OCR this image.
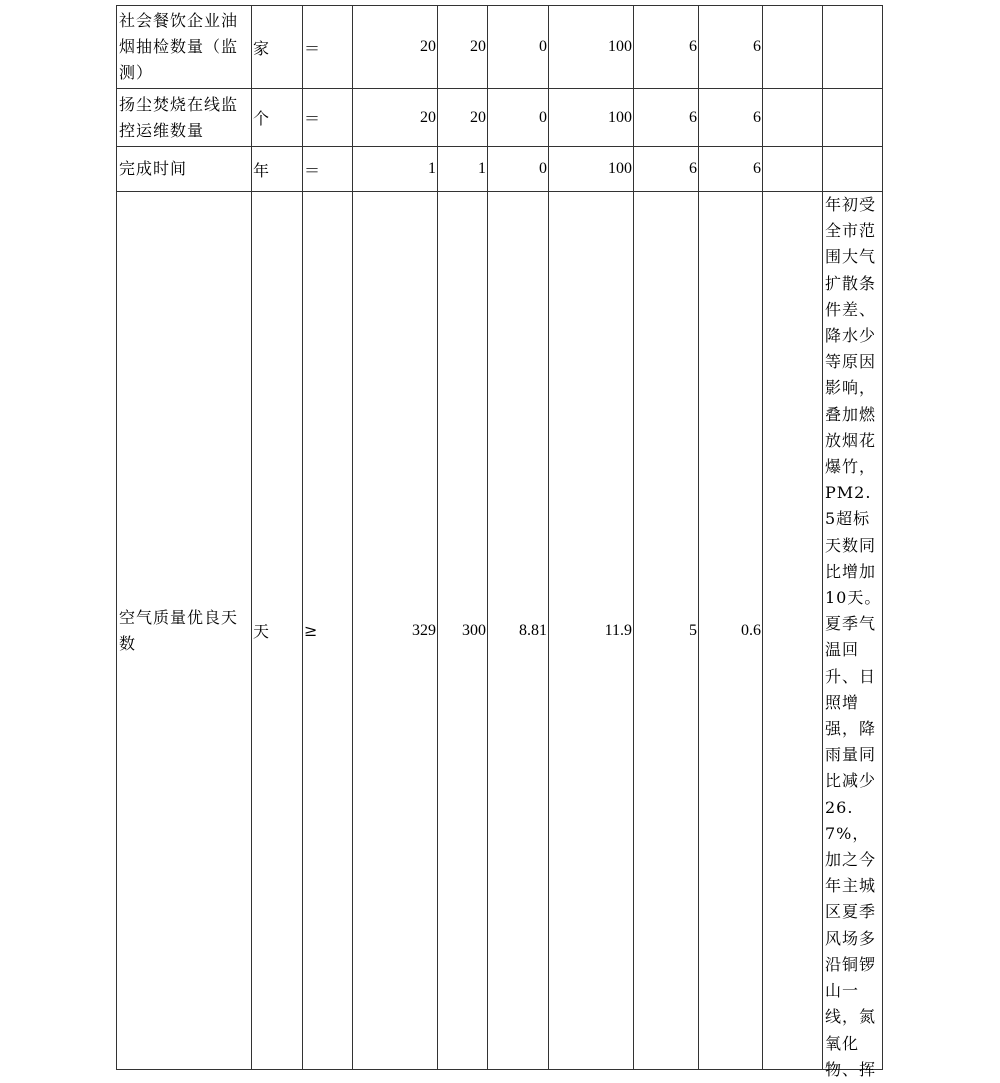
社会餐饮企业油烟抽检数量（监测）	家	＝	20	20	0	100	6	6		
扬尘焚烧在线监控运维数量	个	＝	20	20	0	100	6	6		
完成时间	年	＝	1	1	0	100	6	6		
空气质量优良天数	天	≥	329	300	8.81	11.9	5	0.6		年初受全市范围大气扩散条件差、降水少等原因影响，叠加燃放烟花爆竹，PM2.5超标天数同比增加10天。夏季气温回升、日照增强，降雨量同比减少26.7%，加之今年主城区夏季风场多沿铜锣山一线，氮氧化物、挥
